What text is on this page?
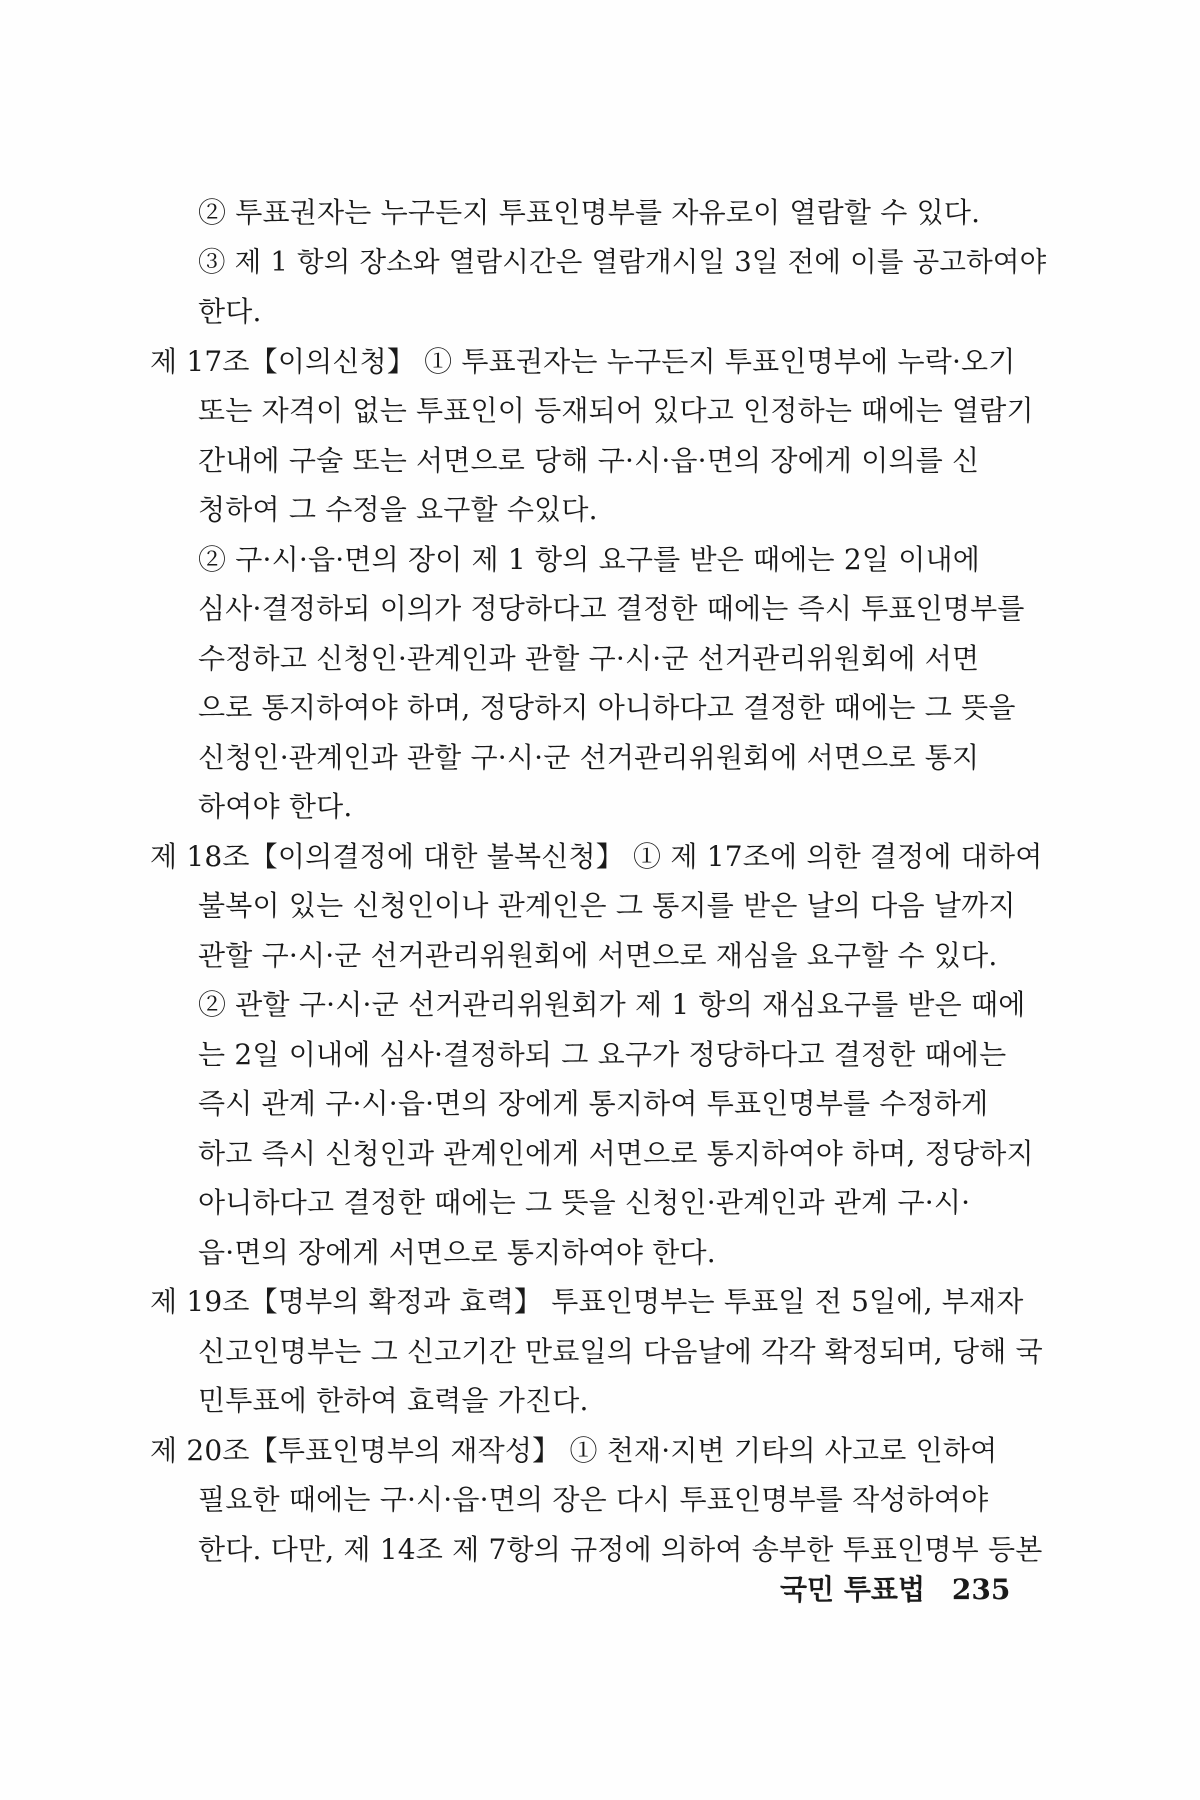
② 투표권자는 누구든지 투표인명부를 자유로이 열람할 수 있다.
③ 제 1 항의 장소와 열람시간은 열람개시일 3일 전에 이를 공고하여야
한다.
제 17조【이의신청】 ① 투표권자는 누구든지 투표인명부에 누락·오기
또는 자격이 없는 투표인이 등재되어 있다고 인정하는 때에는 열람기
간내에 구술 또는 서면으로 당해 구·시·읍·면의 장에게 이의를 신
청하여 그 수정을 요구할 수있다.
② 구·시·읍·면의 장이 제 1 항의 요구를 받은 때에는 2일 이내에
심사·결정하되 이의가 정당하다고 결정한 때에는 즉시 투표인명부를
수정하고 신청인·관계인과 관할 구·시·군 선거관리위원회에 서면
으로 통지하여야 하며, 정당하지 아니하다고 결정한 때에는 그 뜻을
신청인·관계인과 관할 구·시·군 선거관리위원회에 서면으로 통지
하여야 한다.
제 18조【이의결정에 대한 불복신청】 ① 제 17조에 의한 결정에 대하여
불복이 있는 신청인이나 관계인은 그 통지를 받은 날의 다음 날까지
관할 구·시·군 선거관리위원회에 서면으로 재심을 요구할 수 있다.
② 관할 구·시·군 선거관리위원회가 제 1 항의 재심요구를 받은 때에
는 2일 이내에 심사·결정하되 그 요구가 정당하다고 결정한 때에는
즉시 관계 구·시·읍·면의 장에게 통지하여 투표인명부를 수정하게
하고 즉시 신청인과 관계인에게 서면으로 통지하여야 하며, 정당하지
아니하다고 결정한 때에는 그 뜻을 신청인·관계인과 관계 구·시·
읍·면의 장에게 서면으로 통지하여야 한다.
제 19조【명부의 확정과 효력】 투표인명부는 투표일 전 5일에, 부재자
신고인명부는 그 신고기간 만료일의 다음날에 각각 확정되며, 당해 국
민투표에 한하여 효력을 가진다.
제 20조【투표인명부의 재작성】 ① 천재·지변 기타의 사고로 인하여
필요한 때에는 구·시·읍·면의 장은 다시 투표인명부를 작성하여야
한다. 다만, 제 14조 제 7항의 규정에 의하여 송부한 투표인명부 등본
국민 투표법 235
